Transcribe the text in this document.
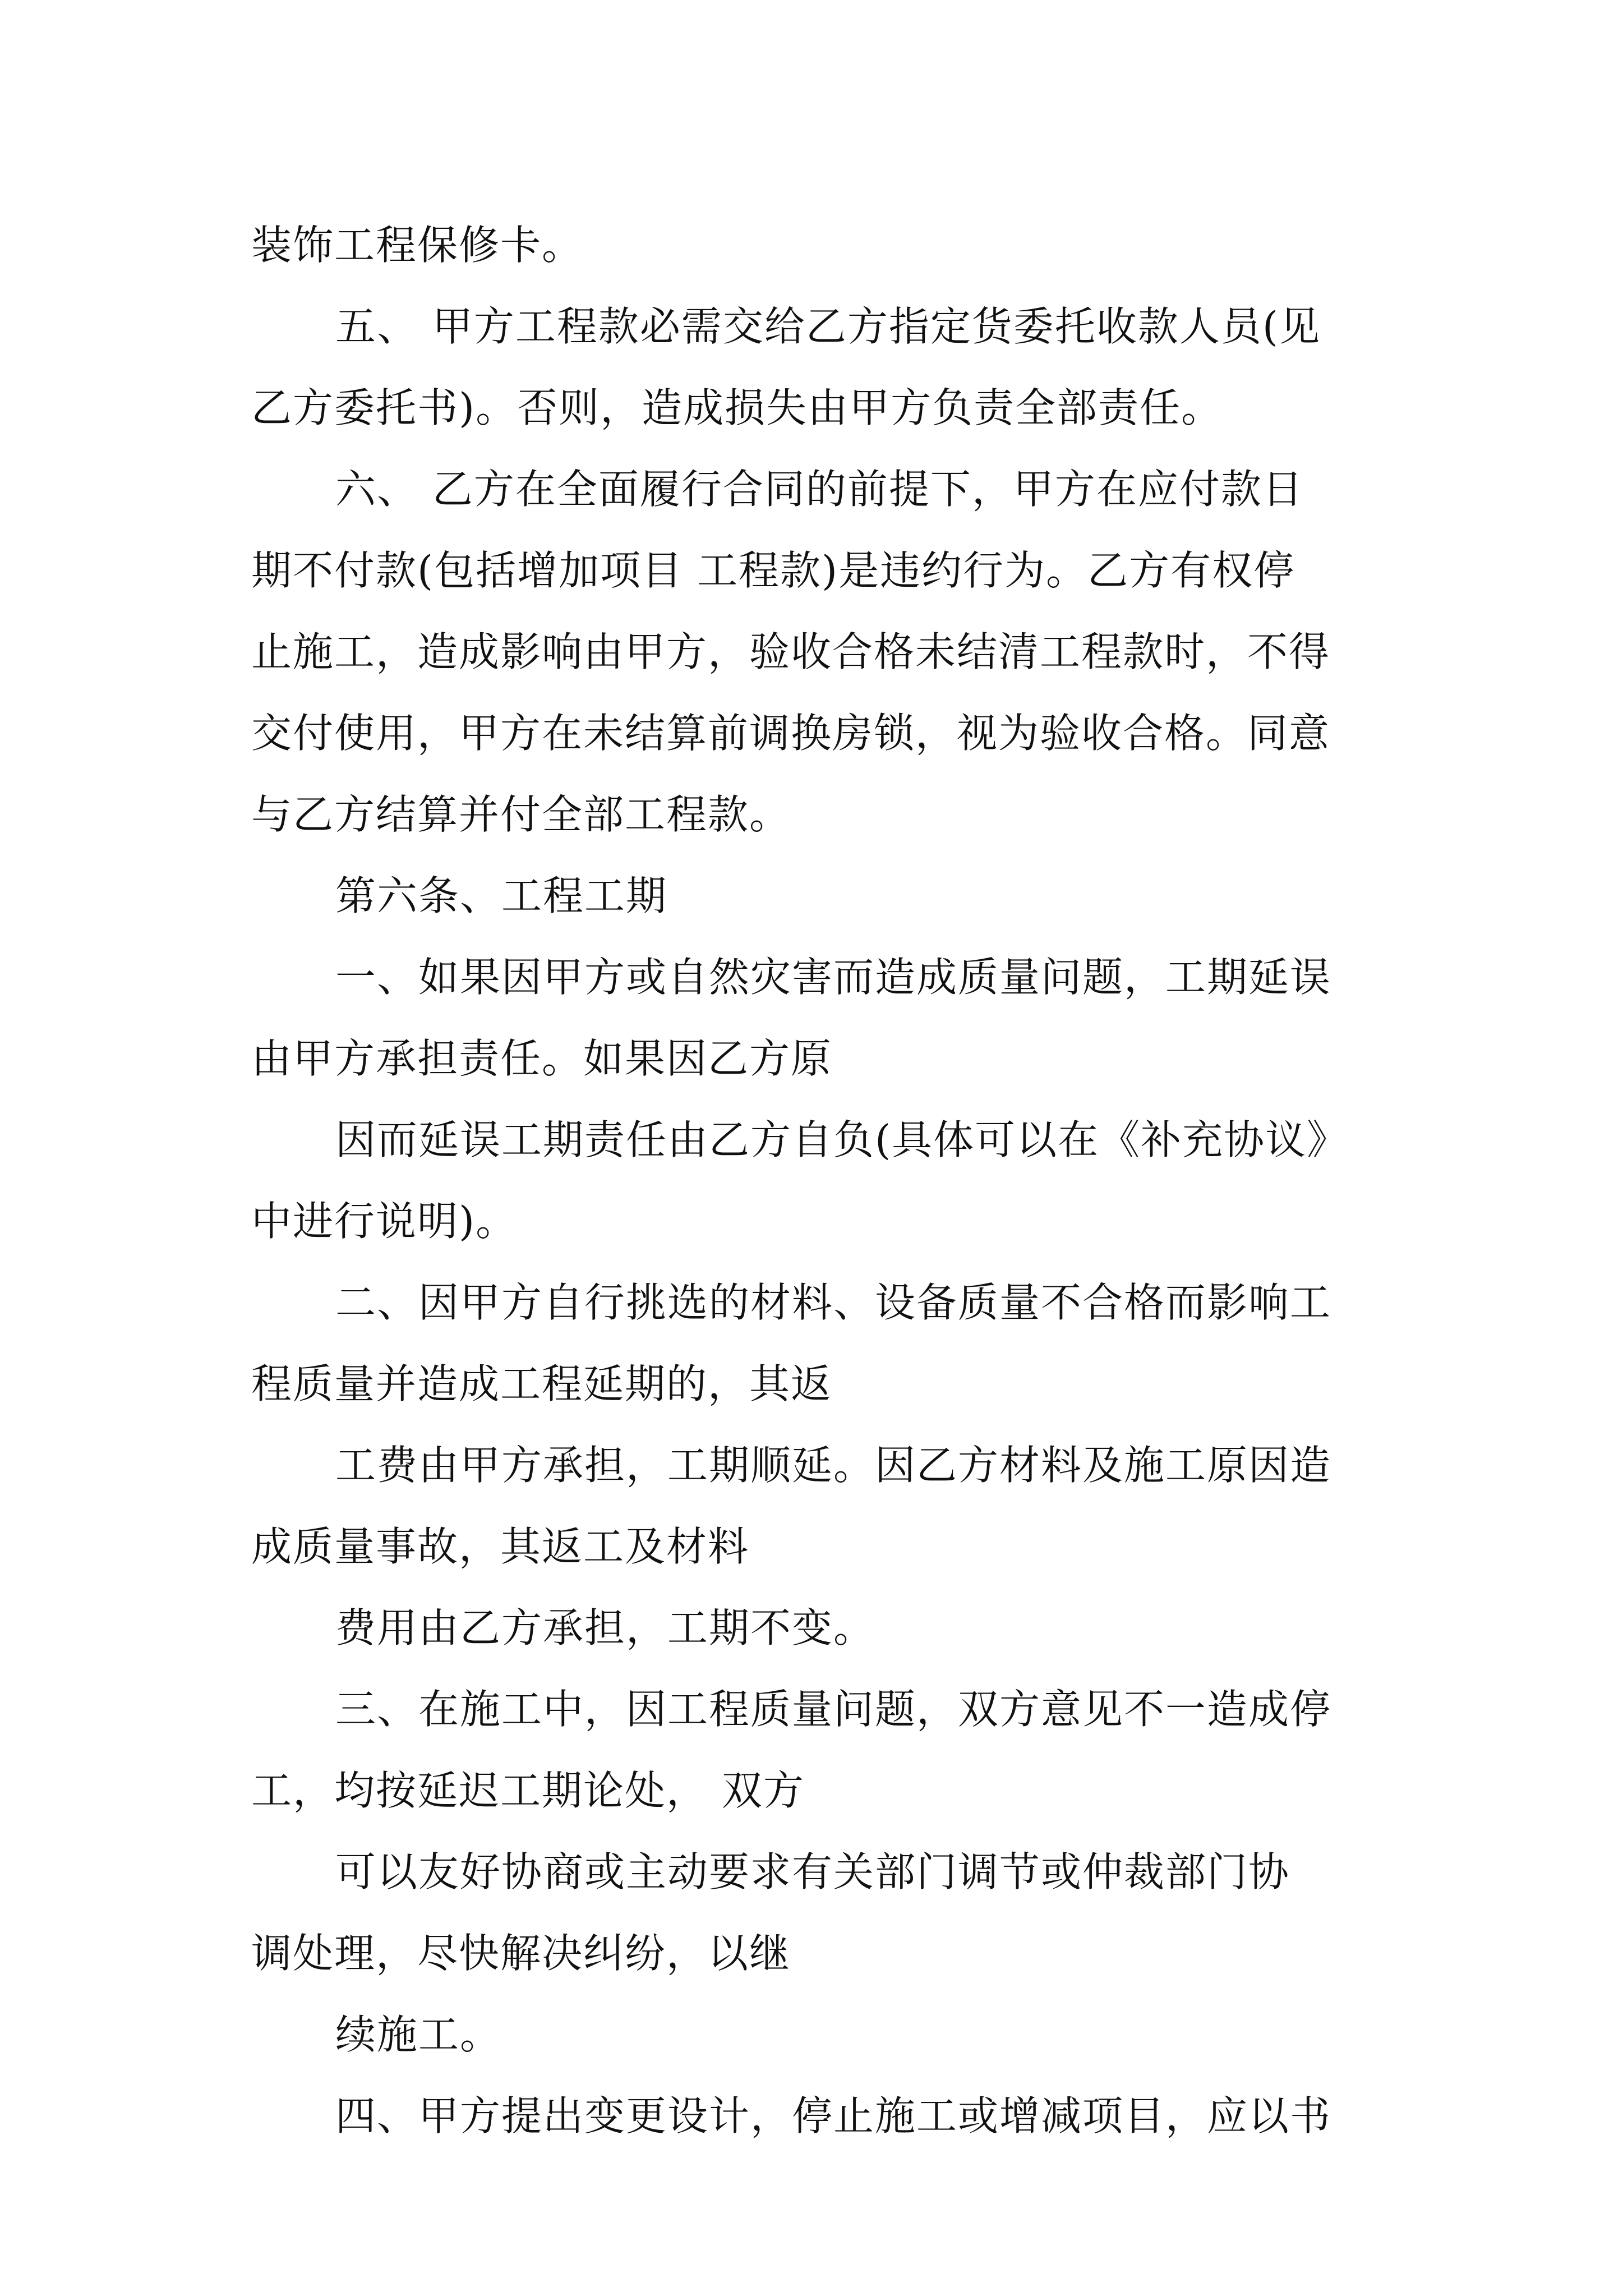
装饰工程保修卡。
五、 甲方工程款必需交给乙方指定货委托收款人员(见
乙方委托书)。否则，造成损失由甲方负责全部责任。
六、 乙方在全面履行合同的前提下，甲方在应付款日
期不付款(包括增加项目 工程款)是违约行为。乙方有权停
止施工，造成影响由甲方，验收合格未结清工程款时，不得
交付使用，甲方在未结算前调换房锁，视为验收合格。同意
与乙方结算并付全部工程款。
第六条、工程工期
一、如果因甲方或自然灾害而造成质量问题，工期延误
由甲方承担责任。如果因乙方原
因而延误工期责任由乙方自负(具体可以在《补充协议》
中进行说明)。
二、因甲方自行挑选的材料、设备质量不合格而影响工
程质量并造成工程延期的，其返
工费由甲方承担，工期顺延。因乙方材料及施工原因造
成质量事故，其返工及材料
费用由乙方承担，工期不变。
三、在施工中，因工程质量问题，双方意见不一造成停
工，均按延迟工期论处， 双方
可以友好协商或主动要求有关部门调节或仲裁部门协
调处理，尽快解决纠纷，以继
续施工。
四、甲方提出变更设计，停止施工或增减项目，应以书
